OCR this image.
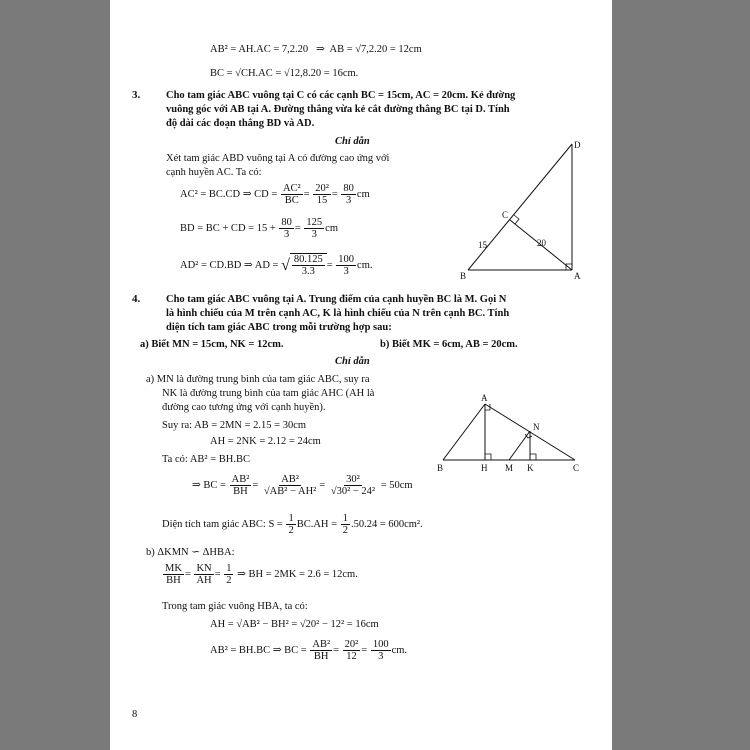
AB² = AH.AC = 7,2.20 ⇒ AB = √7,2.20 = 12cm
BC = √CH.AC = √12,8.20 = 16cm.
3. Cho tam giác ABC vuông tại C có các cạnh BC = 15cm, AC = 20cm. Kẻ đường
vuông góc với AB tại A. Đường thẳng vừa kẻ cắt đường thẳng BC tại D. Tính
độ dài các đoạn thẳng BD và AD.
Chỉ dẫn
Xét tam giác ABD vuông tại A có đường cao ứng với
cạnh huyền AC. Ta có:
AC² = BC.CD ⇒ CD = $\frac{\text{AC²}}{BC} = \frac{\text{20²}}{15} = \frac{80}{3}$ cm
BD = BC + CD = $15 + \frac{80}{3} = \frac{125}{3}$ cm
AD² = CD.BD ⇒ AD = √ $\frac{80.125}{3.3} = \frac{100}{3}$ cm.
D
C
B	A
15	20
4. Cho tam giác ABC vuông tại A. Trung điểm của cạnh huyền BC là M. Gọi N
là hình chiếu của M trên cạnh AC, K là hình chiếu của N trên cạnh BC. Tính
diện tích tam giác ABC trong mỗi trường hợp sau:
a) Biết MN = 15cm, NK = 12cm.	b) Biết MK = 6cm, AB = 20cm.
Chỉ dẫn
a) MN là đường trung bình của tam giác ABC, suy ra
NK là đường trung bình của tam giác AHC (AH là
đường cao tương ứng với cạnh huyền).
Suy ra: AB = 2MN = 2.15 = 30cm
AH = 2NK = 2.12 = 24cm
Ta có: AB² = BH.BC
⇒ BC = $\frac{\text{AB²}}{BH} = \frac{\text{AB²}}{\text{√AB² − AH²}} = \frac{\text{30²}}{\text{√30² − 24²}} = 50cm$
Diện tích tam giác ABC: $S = \frac{1}{2} BC.AH = \frac{1}{2} .50.24 = 600cm^2$.
A
N
B	H M K	C
b) ΔKMN ∽ ΔHBA:
$\frac{MK}{BH} = \frac{KN}{AH} = \frac{1}{2}$ ⇒ BH = 2MK = 2.6 = 12cm.
Trong tam giác vuông HBA, ta có:
AH = √AB² − BH² = √20² − 12² = 16cm
AB² = BH.BC ⇒ BC = $\frac{\text{AB²}}{BH} = \frac{\text{20²}}{12} = \frac{100}{3}$ cm.
8
